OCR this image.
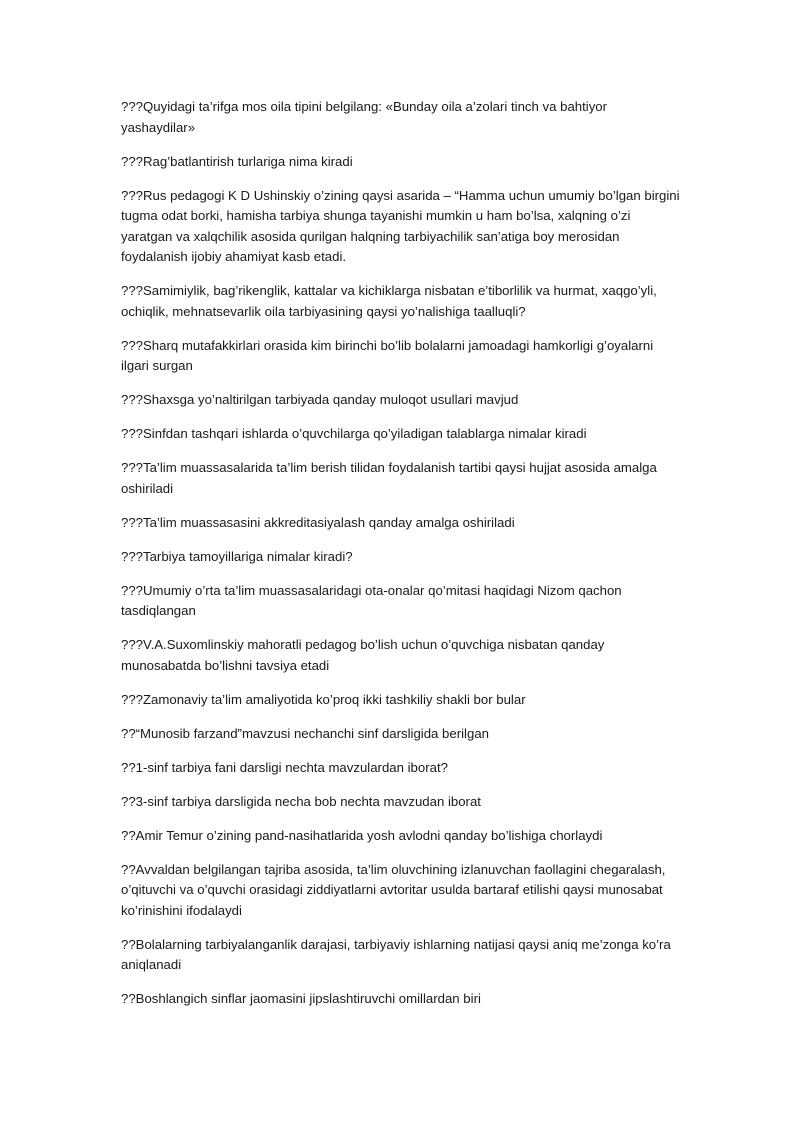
???Quyidagi ta’rifga mos oila tipini belgilang: «Bunday oila a’zolari tinch va bahtiyor yashaydilar»

???Rag’batlantirish turlariga nima kiradi

???Rus pedagogi K D Ushinskiy o’zining qaysi asarida – “Hamma uchun umumiy bo’lgan birgini tugma odat borki, hamisha tarbiya shunga tayanishi mumkin u ham bo’lsa, xalqning o’zi yaratgan va xalqchilik asosida qurilgan halqning tarbiyachilik san’atiga boy merosidan foydalanish ijobiy ahamiyat kasb etadi.

???Samimiylik, bag’rikenglik, kattalar va kichiklarga nisbatan e’tiborlilik va hurmat, xaqgo’yli, ochiqlik, mehnatsevarlik oila tarbiyasining qaysi yo’nalishiga taalluqli?

???Sharq mutafakkirlari orasida kim birinchi bo’lib bolalarni jamoadagi hamkorligi g’oyalarni ilgari surgan

???Shaxsga yo’naltirilgan tarbiyada qanday muloqot usullari mavjud

???Sinfdan tashqari ishlarda o’quvchilarga qo’yiladigan talablarga nimalar kiradi

???Ta’lim muassasalarida ta’lim berish tilidan foydalanish tartibi qaysi hujjat asosida amalga oshiriladi

???Ta’lim muassasasini akkreditasiyalash qanday amalga oshiriladi

???Tarbiya tamoyillariga nimalar kiradi?

???Umumiy o’rta ta’lim muassasalaridagi ota-onalar qo’mitasi haqidagi Nizom qachon tasdiqlangan

???V.A.Suxomlinskiy mahoratli pedagog bo’lish uchun o’quvchiga nisbatan qanday munosabatda bo’lishni tavsiya etadi

???Zamonaviy ta’lim amaliyotida ko’proq ikki tashkiliy shakli bor bular

??“Munosib farzand”mavzusi nechanchi sinf darsligida berilgan

??1-sinf tarbiya fani darsligi nechta mavzulardan iborat?

??3-sinf tarbiya darsligida necha bob nechta mavzudan iborat

??Amir Temur o’zining pand-nasihatlarida yosh avlodni qanday bo’lishiga chorlaydi

??Avvaldan belgilangan tajriba asosida, ta’lim oluvchining izlanuvchan faollagini chegaralash, o’qituvchi va o’quvchi orasidagi ziddiyatlarni avtoritar usulda bartaraf etilishi qaysi munosabat ko’rinishini ifodalaydi

??Bolalarning tarbiyalanganlik darajasi, tarbiyaviy ishlarning natijasi qaysi aniq me’zonga ko’ra aniqlanadi

??Boshlangich sinflar jaomasini jipslashtiruvchi omillardan biri
